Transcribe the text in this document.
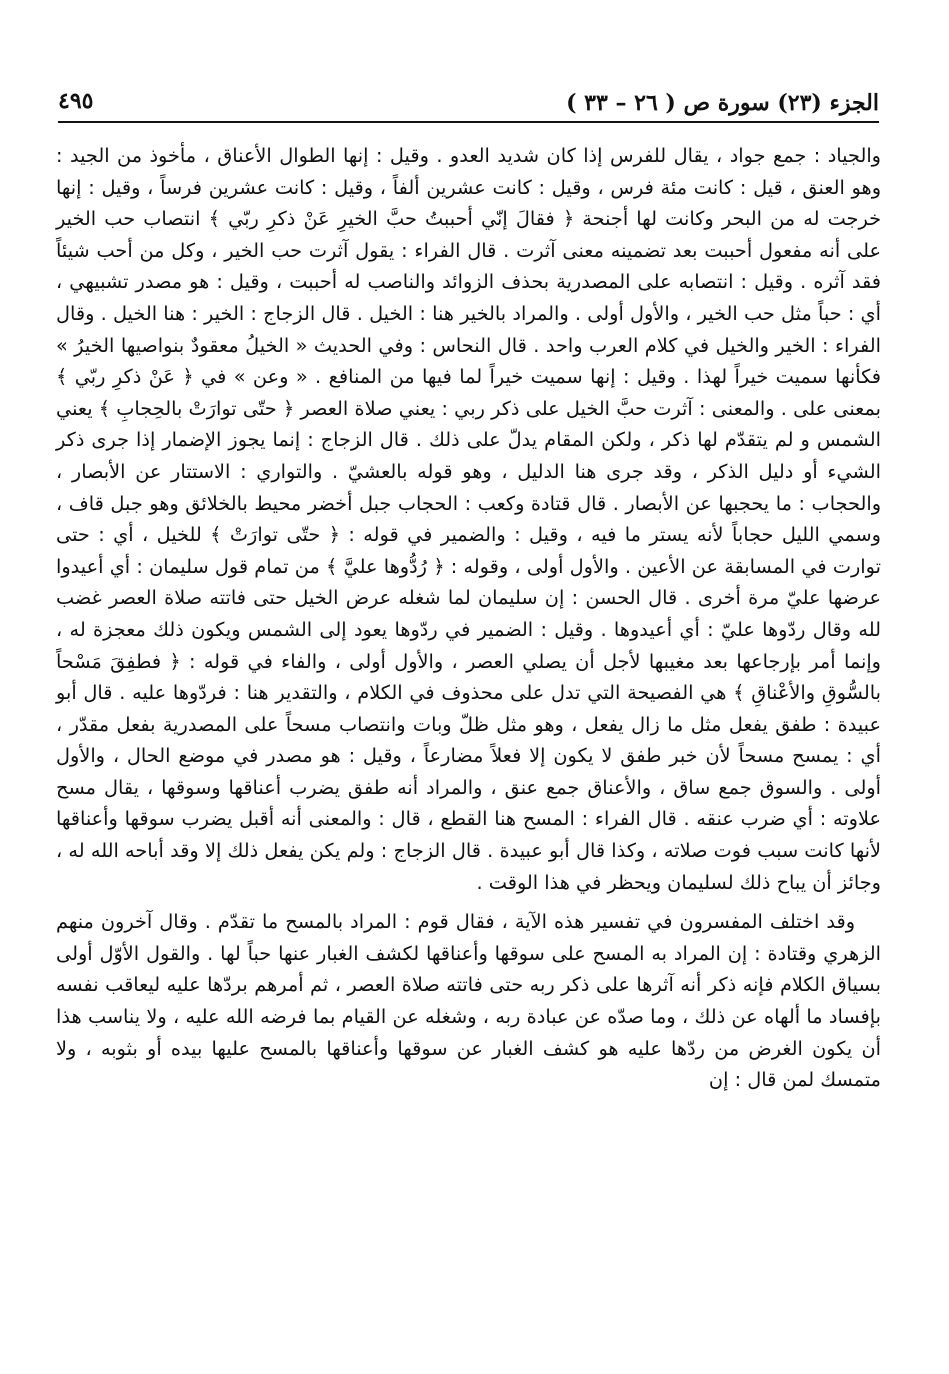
الجزء (٢٣) سورة ص ( ٢٦ – ٣٣ )
٤٩٥

والجياد : جمع جواد ، يقال للفرس إذا كان شديد العدو . وقيل : إنها الطوال الأعناق ، مأخوذ من الجيد : وهو العنق ، قيل : كانت مئة فرس ، وقيل : كانت عشرين ألفاً ، وقيل : كانت عشرين فرساً ، وقيل : إنها خرجت له من البحر وكانت لها أجنحة ﴿ فقالَ إنّي أحببتُ حبَّ الخيرِ عَنْ ذكرِ ربّي ﴾ انتصاب حب الخير على أنه مفعول أحببت بعد تضمينه معنى آثرت . قال الفراء : يقول آثرت حب الخير ، وكل من أحب شيئاً فقد آثره . وقيل : انتصابه على المصدرية بحذف الزوائد والناصب له أحببت ، وقيل : هو مصدر تشبيهي ، أي : حباً مثل حب الخير ، والأول أولى . والمراد بالخير هنا : الخيل . قال الزجاج : الخير : هنا الخيل . وقال الفراء : الخير والخيل في كلام العرب واحد . قال النحاس : وفي الحديث « الخيلُ معقودٌ بنواصيها الخيرُ » فكأنها سميت خيراً لهذا . وقيل : إنها سميت خيراً لما فيها من المنافع . « وعن » في ﴿ عَنْ ذكرِ ربّي ﴾ بمعنى على . والمعنى : آثرت حبَّ الخيل على ذكر ربي : يعني صلاة العصر ﴿ حتّى توارَتْ بالحِجابِ ﴾ يعني الشمس و لم يتقدّم لها ذكر ، ولكن المقام يدلّ على ذلك . قال الزجاج : إنما يجوز الإضمار إذا جرى ذكر الشيء أو دليل الذكر ، وقد جرى هنا الدليل ، وهو قوله بالعشيّ . والتواري : الاستتار عن الأبصار ، والحجاب : ما يحجبها عن الأبصار . قال قتادة وكعب : الحجاب جبل أخضر محيط بالخلائق وهو جبل قاف ، وسمي الليل حجاباً لأنه يستر ما فيه ، وقيل : والضمير في قوله : ﴿ حتّى توارَتْ ﴾ للخيل ، أي : حتى توارت في المسابقة عن الأعين . والأول أولى ، وقوله : ﴿ رُدُّوها عليَّ ﴾ من تمام قول سليمان : أي أعيدوا عرضها عليّ مرة أخرى . قال الحسن : إن سليمان لما شغله عرض الخيل حتى فاتته صلاة العصر غضب لله وقال ردّوها عليّ : أي أعيدوها . وقيل : الضمير في ردّوها يعود إلى الشمس ويكون ذلك معجزة له ، وإنما أمر بإرجاعها بعد مغيبها لأجل أن يصلي العصر ، والأول أولى ، والفاء في قوله : ﴿ فطفِقَ مَسْحاً بالسُّوقِ والأعْناقِ ﴾ هي الفصيحة التي تدل على محذوف في الكلام ، والتقدير هنا : فردّوها عليه . قال أبو عبيدة : طفق يفعل مثل ما زال يفعل ، وهو مثل ظلّ وبات وانتصاب مسحاً على المصدرية بفعل مقدّر ، أي : يمسح مسحاً لأن خبر طفق لا يكون إلا فعلاً مضارعاً ، وقيل : هو مصدر في موضع الحال ، والأول أولى . والسوق جمع ساق ، والأعناق جمع عنق ، والمراد أنه طفق يضرب أعناقها وسوقها ، يقال مسح علاوته : أي ضرب عنقه . قال الفراء : المسح هنا القطع ، قال : والمعنى أنه أقبل يضرب سوقها وأعناقها لأنها كانت سبب فوت صلاته ، وكذا قال أبو عبيدة . قال الزجاج : ولم يكن يفعل ذلك إلا وقد أباحه الله له ، وجائز أن يباح ذلك لسليمان ويحظر في هذا الوقت .

وقد اختلف المفسرون في تفسير هذه الآية ، فقال قوم : المراد بالمسح ما تقدّم . وقال آخرون منهم الزهري وقتادة : إن المراد به المسح على سوقها وأعناقها لكشف الغبار عنها حباً لها . والقول الأوّل أولى بسياق الكلام فإنه ذكر أنه آثرها على ذكر ربه حتى فاتته صلاة العصر ، ثم أمرهم بردّها عليه ليعاقب نفسه بإفساد ما ألهاه عن ذلك ، وما صدّه عن عبادة ربه ، وشغله عن القيام بما فرضه الله عليه ، ولا يناسب هذا أن يكون الغرض من ردّها عليه هو كشف الغبار عن سوقها وأعناقها بالمسح عليها بيده أو بثوبه ، ولا متمسك لمن قال : إن
